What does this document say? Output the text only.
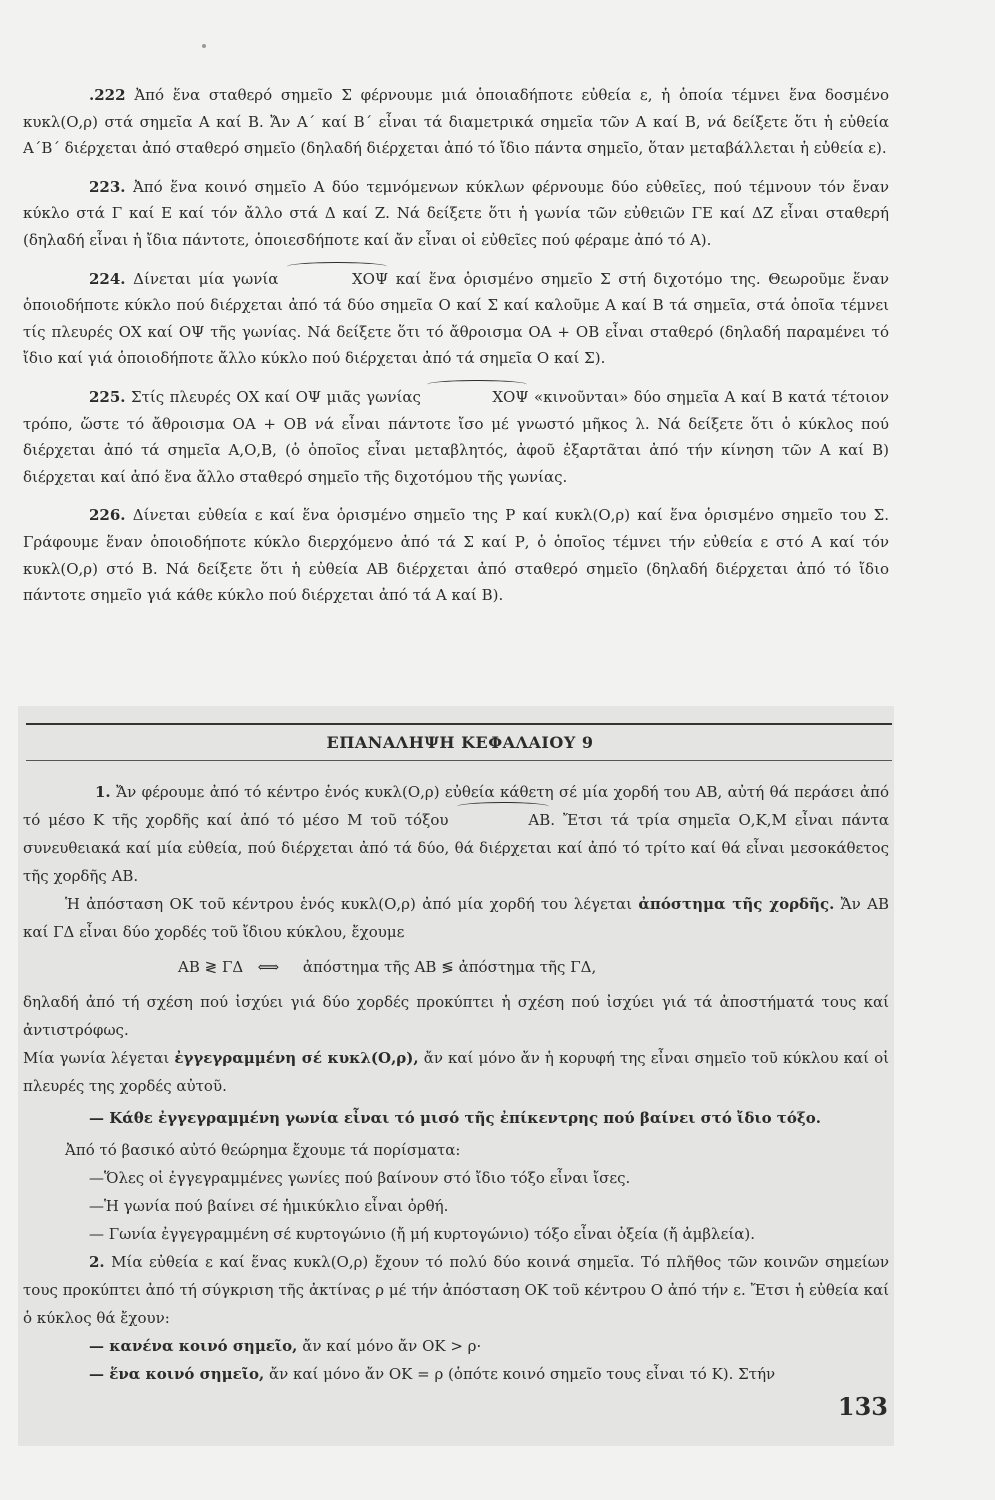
.222 Ἀπό ἕνα σταθερό σημεῖο Σ φέρνουμε μιά ὁποιαδήποτε εὐθεία ε, ἡ ὁποία τέμνει ἕνα δοσμένο κυκλ(Ο,ρ) στά σημεῖα Α καί Β. Ἄν Α΄ καί Β΄ εἶναι τά διαμετρικά σημεῖα τῶν Α καί Β, νά δείξετε ὅτι ἡ εὐθεία Α΄Β΄ διέρχεται ἀπό σταθερό σημεῖο (δηλαδή διέρχεται ἀπό τό ἴδιο πάντα σημεῖο, ὅταν μεταβάλλεται ἡ εὐθεία ε).

223. Ἀπό ἕνα κοινό σημεῖο Α δύο τεμνόμενων κύκλων φέρνουμε δύο εὐθεῖες, πού τέμνουν τόν ἕναν κύκλο στά Γ καί Ε καί τόν ἄλλο στά Δ καί Ζ. Νά δείξετε ὅτι ἡ γωνία τῶν εὐθειῶν ΓΕ καί ΔΖ εἶναι σταθερή (δηλαδή εἶναι ἡ ἴδια πάντοτε, ὁποιεσδήποτε καί ἄν εἶναι οἱ εὐθεῖες πού φέραμε ἀπό τό Α).

224. Δίνεται μία γωνία	ΧΟΨ καί ἕνα ὁρισμένο σημεῖο Σ στή διχοτόμο της. Θεωροῦμε ἕναν ὁποιοδήποτε κύκλο πού διέρχεται ἀπό τά δύο σημεῖα Ο καί Σ καί καλοῦμε Α καί Β τά σημεῖα, στά ὁποῖα τέμνει τίς πλευρές ΟΧ καί ΟΨ τῆς γωνίας. Νά δείξετε ὅτι τό ἄθροισμα ΟΑ + ΟΒ εἶναι σταθερό (δηλαδή παραμένει τό ἴδιο καί γιά ὁποιοδήποτε ἄλλο κύκλο πού διέρχεται ἀπό τά σημεῖα Ο καί Σ).

225. Στίς πλευρές ΟΧ καί ΟΨ μιᾶς γωνίας	ΧΟΨ «κινοῦνται» δύο σημεῖα Α καί Β κατά τέτοιον τρόπο, ὥστε τό ἄθροισμα ΟΑ + ΟΒ νά εἶναι πάντοτε ἴσο μέ γνωστό μῆκος λ. Νά δείξετε ὅτι ὁ κύκλος πού διέρχεται ἀπό τά σημεῖα Α,Ο,Β, (ὁ ὁποῖος εἶναι μεταβλητός, ἀφοῦ ἐξαρτᾶται ἀπό τήν κίνηση τῶν Α καί Β) διέρχεται καί ἀπό ἕνα ἄλλο σταθερό σημεῖο τῆς διχοτόμου τῆς γωνίας.

226. Δίνεται εὐθεία ε καί ἕνα ὁρισμένο σημεῖο της Ρ καί κυκλ(Ο,ρ) καί ἕνα ὁρισμένο σημεῖο του Σ. Γράφουμε ἕναν ὁποιοδήποτε κύκλο διερχόμενο ἀπό τά Σ καί Ρ, ὁ ὁποῖος τέμνει τήν εὐθεία ε στό Α καί τόν κυκλ(Ο,ρ) στό Β. Νά δείξετε ὅτι ἡ εὐθεία ΑΒ διέρχεται ἀπό σταθερό σημεῖο (δηλαδή διέρχεται ἀπό τό ἴδιο πάντοτε σημεῖο γιά κάθε κύκλο πού διέρχεται ἀπό τά Α καί Β).

ΕΠΑΝΑΛΗΨΗ ΚΕΦΑΛΑΙΟΥ 9

1. Ἄν φέρουμε ἀπό τό κέντρο ἑνός κυκλ(Ο,ρ) εὐθεία κάθετη σέ μία χορδή του ΑΒ, αὐτή θά περάσει ἀπό τό μέσο Κ τῆς χορδῆς καί ἀπό τό μέσο Μ τοῦ τόξου	ΑΒ. Ἔτσι τά τρία σημεῖα Ο,Κ,Μ εἶναι πάντα συνευθειακά καί μία εὐθεία, πού διέρχεται ἀπό τά δύο, θά διέρχεται καί ἀπό τό τρίτο καί θά εἶναι μεσοκάθετος τῆς χορδῆς ΑΒ.

Ἡ ἀπόσταση ΟΚ τοῦ κέντρου ἑνός κυκλ(Ο,ρ) ἀπό μία χορδή του λέγεται ἀπόστημα τῆς χορδῆς. Ἄν ΑΒ καί ΓΔ εἶναι δύο χορδές τοῦ ἴδιου κύκλου, ἔχουμε

ΑΒ ≷ ΓΔ ⟺ ἀπόστημα τῆς ΑΒ ≶ ἀπόστημα τῆς ΓΔ,

δηλαδή ἀπό τή σχέση πού ἰσχύει γιά δύο χορδές προκύπτει ἡ σχέση πού ἰσχύει γιά τά ἀποστήματά τους καί ἀντιστρόφως.

Μία γωνία λέγεται ἐγγεγραμμένη σέ κυκλ(Ο,ρ), ἄν καί μόνο ἄν ἡ κορυφή της εἶναι σημεῖο τοῦ κύκλου καί οἱ πλευρές της χορδές αὐτοῦ.

— Κάθε ἐγγεγραμμένη γωνία εἶναι τό μισό τῆς ἐπίκεντρης πού βαίνει στό ἴδιο τόξο.

Ἀπό τό βασικό αὐτό θεώρημα ἔχουμε τά πορίσματα:

—Ὅλες οἱ ἐγγεγραμμένες γωνίες πού βαίνουν στό ἴδιο τόξο εἶναι ἴσες.

—Ἡ γωνία πού βαίνει σέ ἡμικύκλιο εἶναι ὀρθή.

— Γωνία ἐγγεγραμμένη σέ κυρτογώνιο (ἤ μή κυρτογώνιο) τόξο εἶναι ὀξεία (ἤ ἀμβλεία).

2. Μία εὐθεία ε καί ἕνας κυκλ(Ο,ρ) ἔχουν τό πολύ δύο κοινά σημεῖα. Τό πλῆθος τῶν κοινῶν σημείων τους προκύπτει ἀπό τή σύγκριση τῆς ἀκτίνας ρ μέ τήν ἀπόσταση ΟΚ τοῦ κέντρου Ο ἀπό τήν ε. Ἔτσι ἡ εὐθεία καί ὁ κύκλος θά ἔχουν:

— κανένα κοινό σημεῖο, ἄν καί μόνο ἄν ΟΚ > ρ·

— ἕνα κοινό σημεῖο, ἄν καί μόνο ἄν ΟΚ = ρ (ὁπότε κοινό σημεῖο τους εἶναι τό Κ). Στήν

133
